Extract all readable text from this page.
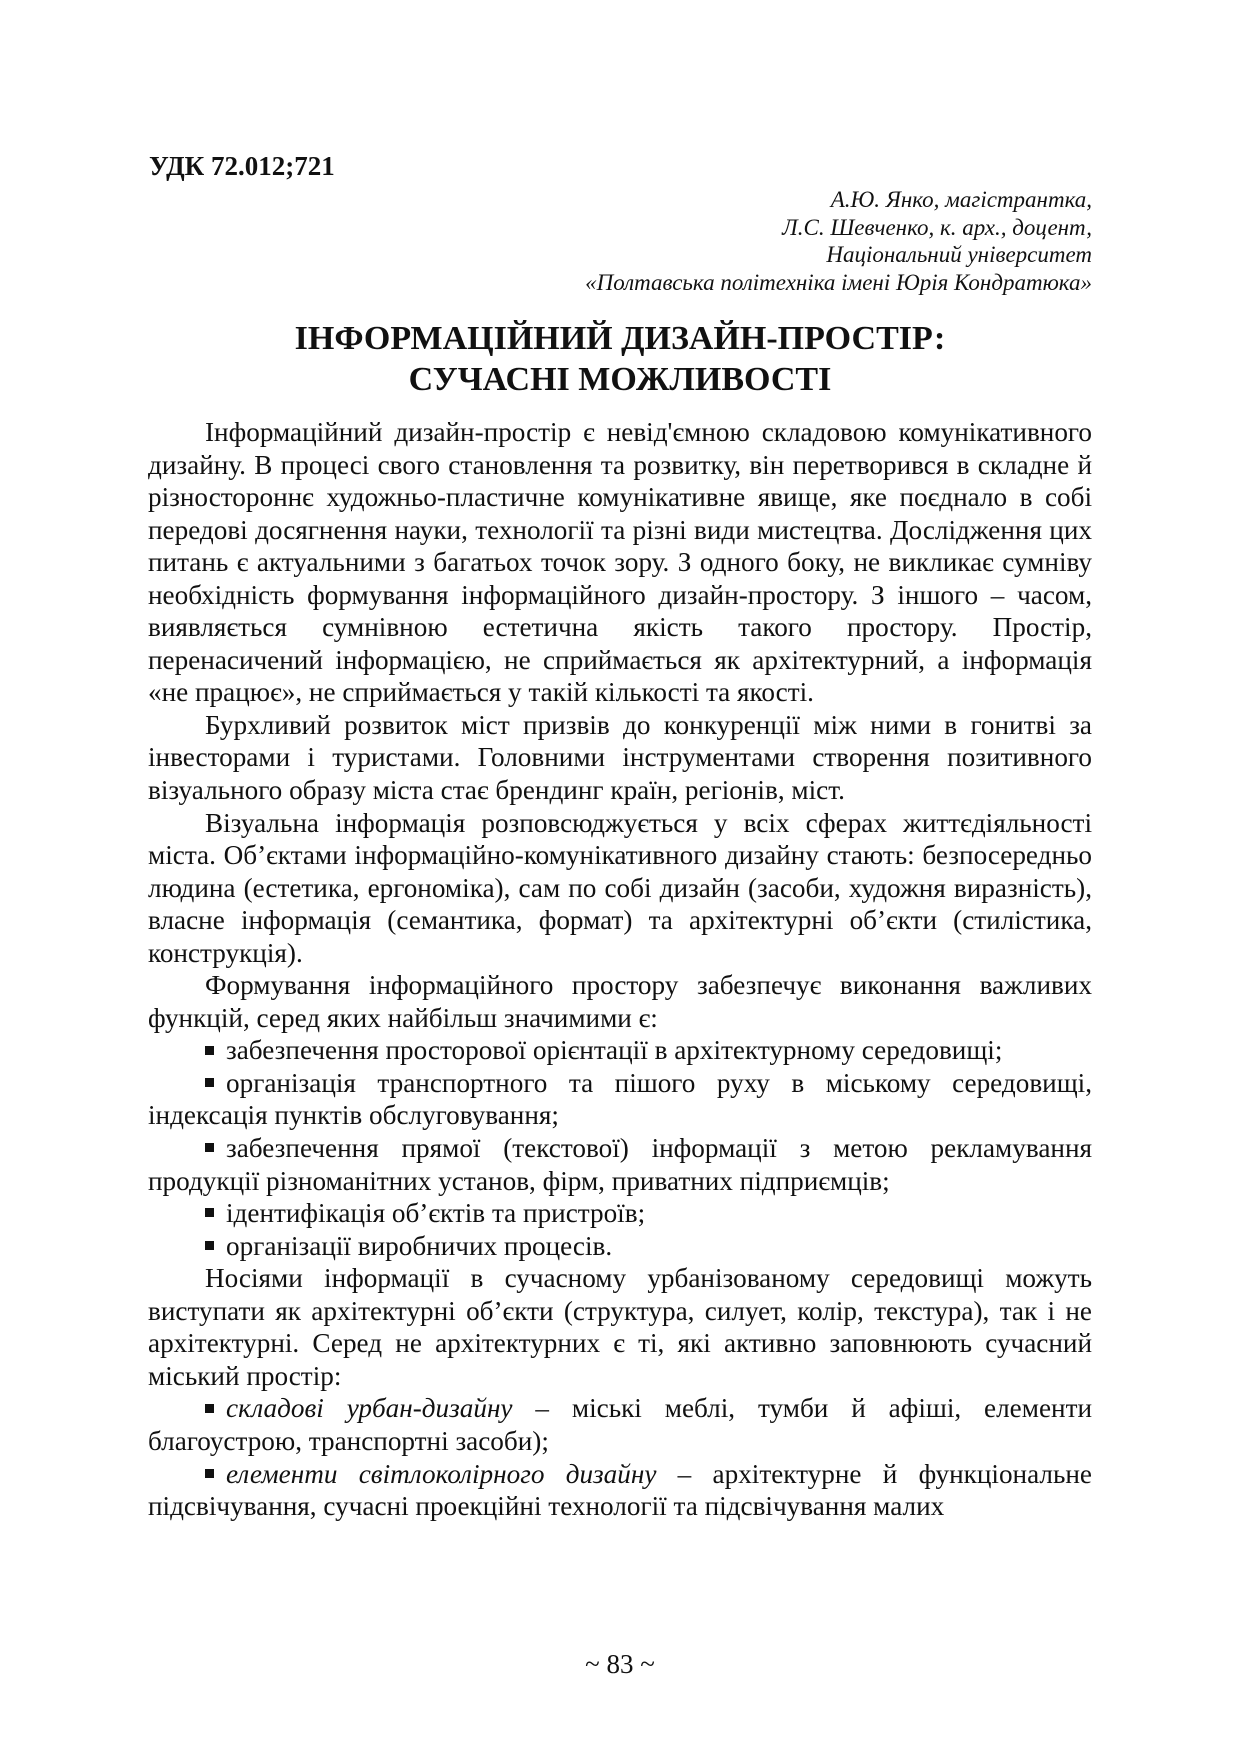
УДК 72.012;721
А.Ю. Янко, магістрантка,
Л.С. Шевченко, к. арх., доцент,
Національний університет
«Полтавська політехніка імені Юрія Кондратюка»
ІНФОРМАЦІЙНИЙ ДИЗАЙН-ПРОСТІР:
СУЧАСНІ МОЖЛИВОСТІ

Інформаційний дизайн-простір є невід'ємною складовою комунікативного дизайну. В процесі свого становлення та розвитку, він перетворився в складне й різностороннє художньо-пластичне комунікативне явище, яке поєднало в собі передові досягнення науки, технології та різні види мистецтва. Дослідження цих питань є актуальними з багатьох точок зору. З одного боку, не викликає сумніву необхідність формування інформаційного дизайн-простору. З іншого – часом, виявляється сумнівною естетична якість такого простору. Простір, перенасичений інформацією, не сприймається як архітектурний, а інформація «не працює», не сприймається у такій кількості та якості.

Бурхливий розвиток міст призвів до конкуренції між ними в гонитві за інвесторами і туристами. Головними інструментами створення позитивного візуального образу міста стає брендинг країн, регіонів, міст.

Візуальна інформація розповсюджується у всіх сферах життєдіяльності міста. Об’єктами інформаційно-комунікативного дизайну стають: безпосередньо людина (естетика, ергономіка), сам по собі дизайн (засоби, художня виразність), власне інформація (семантика, формат) та архітектурні об’єкти (стилістика, конструкція).

Формування інформаційного простору забезпечує виконання важливих функцій, серед яких найбільш значимими є:

забезпечення просторової орієнтації в архітектурному середовищі;

організація транспортного та пішого руху в міському середовищі, індексація пунктів обслуговування;

забезпечення прямої (текстової) інформації з метою рекламування продукції різноманітних установ, фірм, приватних підприємців;

ідентифікація об’єктів та пристроїв;

організації виробничих процесів.

Носіями інформації в сучасному урбанізованому середовищі можуть виступати як архітектурні об’єкти (структура, силует, колір, текстура), так і не архітектурні. Серед не архітектурних є ті, які активно заповнюють сучасний міський простір:

складові урбан-дизайну – міські меблі, тумби й афіші, елементи благоустрою, транспортні засоби);

елементи світлоколірного дизайну – архітектурне й функціональне підсвічування, сучасні проекційні технології та підсвічування малих

~ 83 ~
